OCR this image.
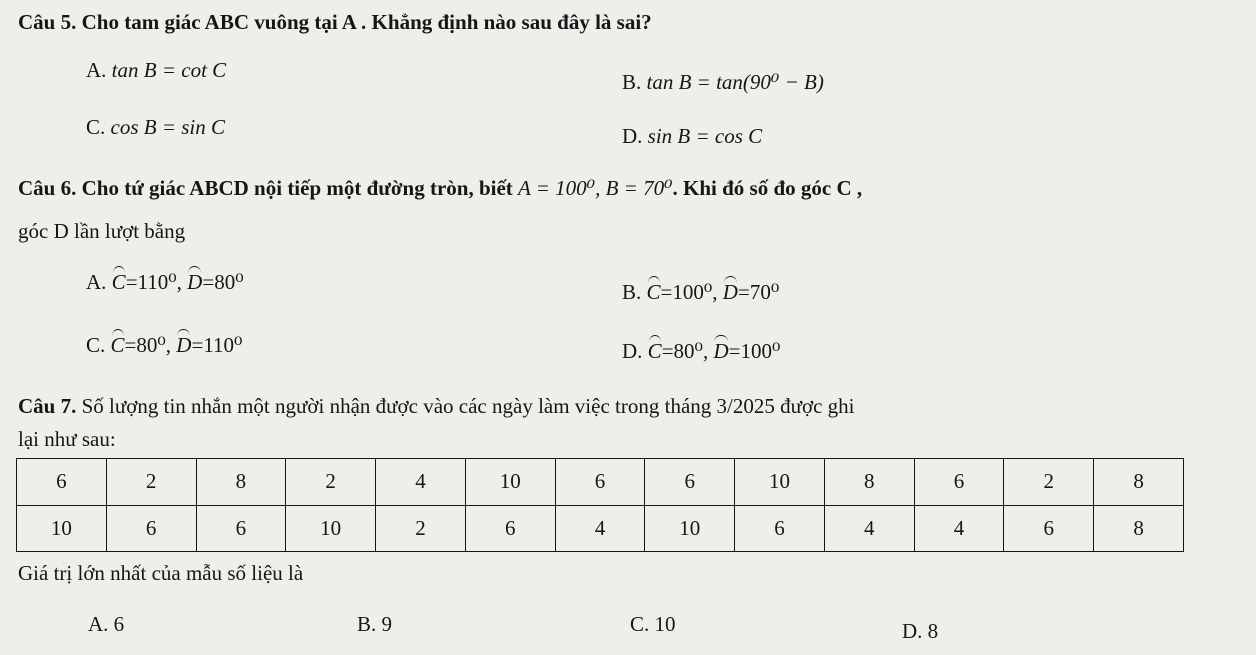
Câu 5. Cho tam giác ABC vuông tại A . Khẳng định nào sau đây là sai?
A. tan B = cot C	B. tan B = tan(90⁰ − B)
C. cos B = sin C	D. sin B = cos C
Câu 6. Cho tứ giác ABCD nội tiếp một đường tròn, biết A = 100⁰, B = 70⁰. Khi đó số đo góc C ,
góc D lần lượt bằng
A. C=110⁰, D=80⁰	B. C=100⁰, D=70⁰
C. C=80⁰, D=110⁰	D. C=80⁰, D=100⁰
Câu 7. Số lượng tin nhắn một người nhận được vào các ngày làm việc trong tháng 3/2025 được ghi
lại như sau:
6	2	8	2	4	10	6	6	10	8	6	2	8
10	6	6	10	2	6	4	10	6	4	4	6	8
Giá trị lớn nhất của mẫu số liệu là
A. 6	B. 9	C. 10	D. 8
